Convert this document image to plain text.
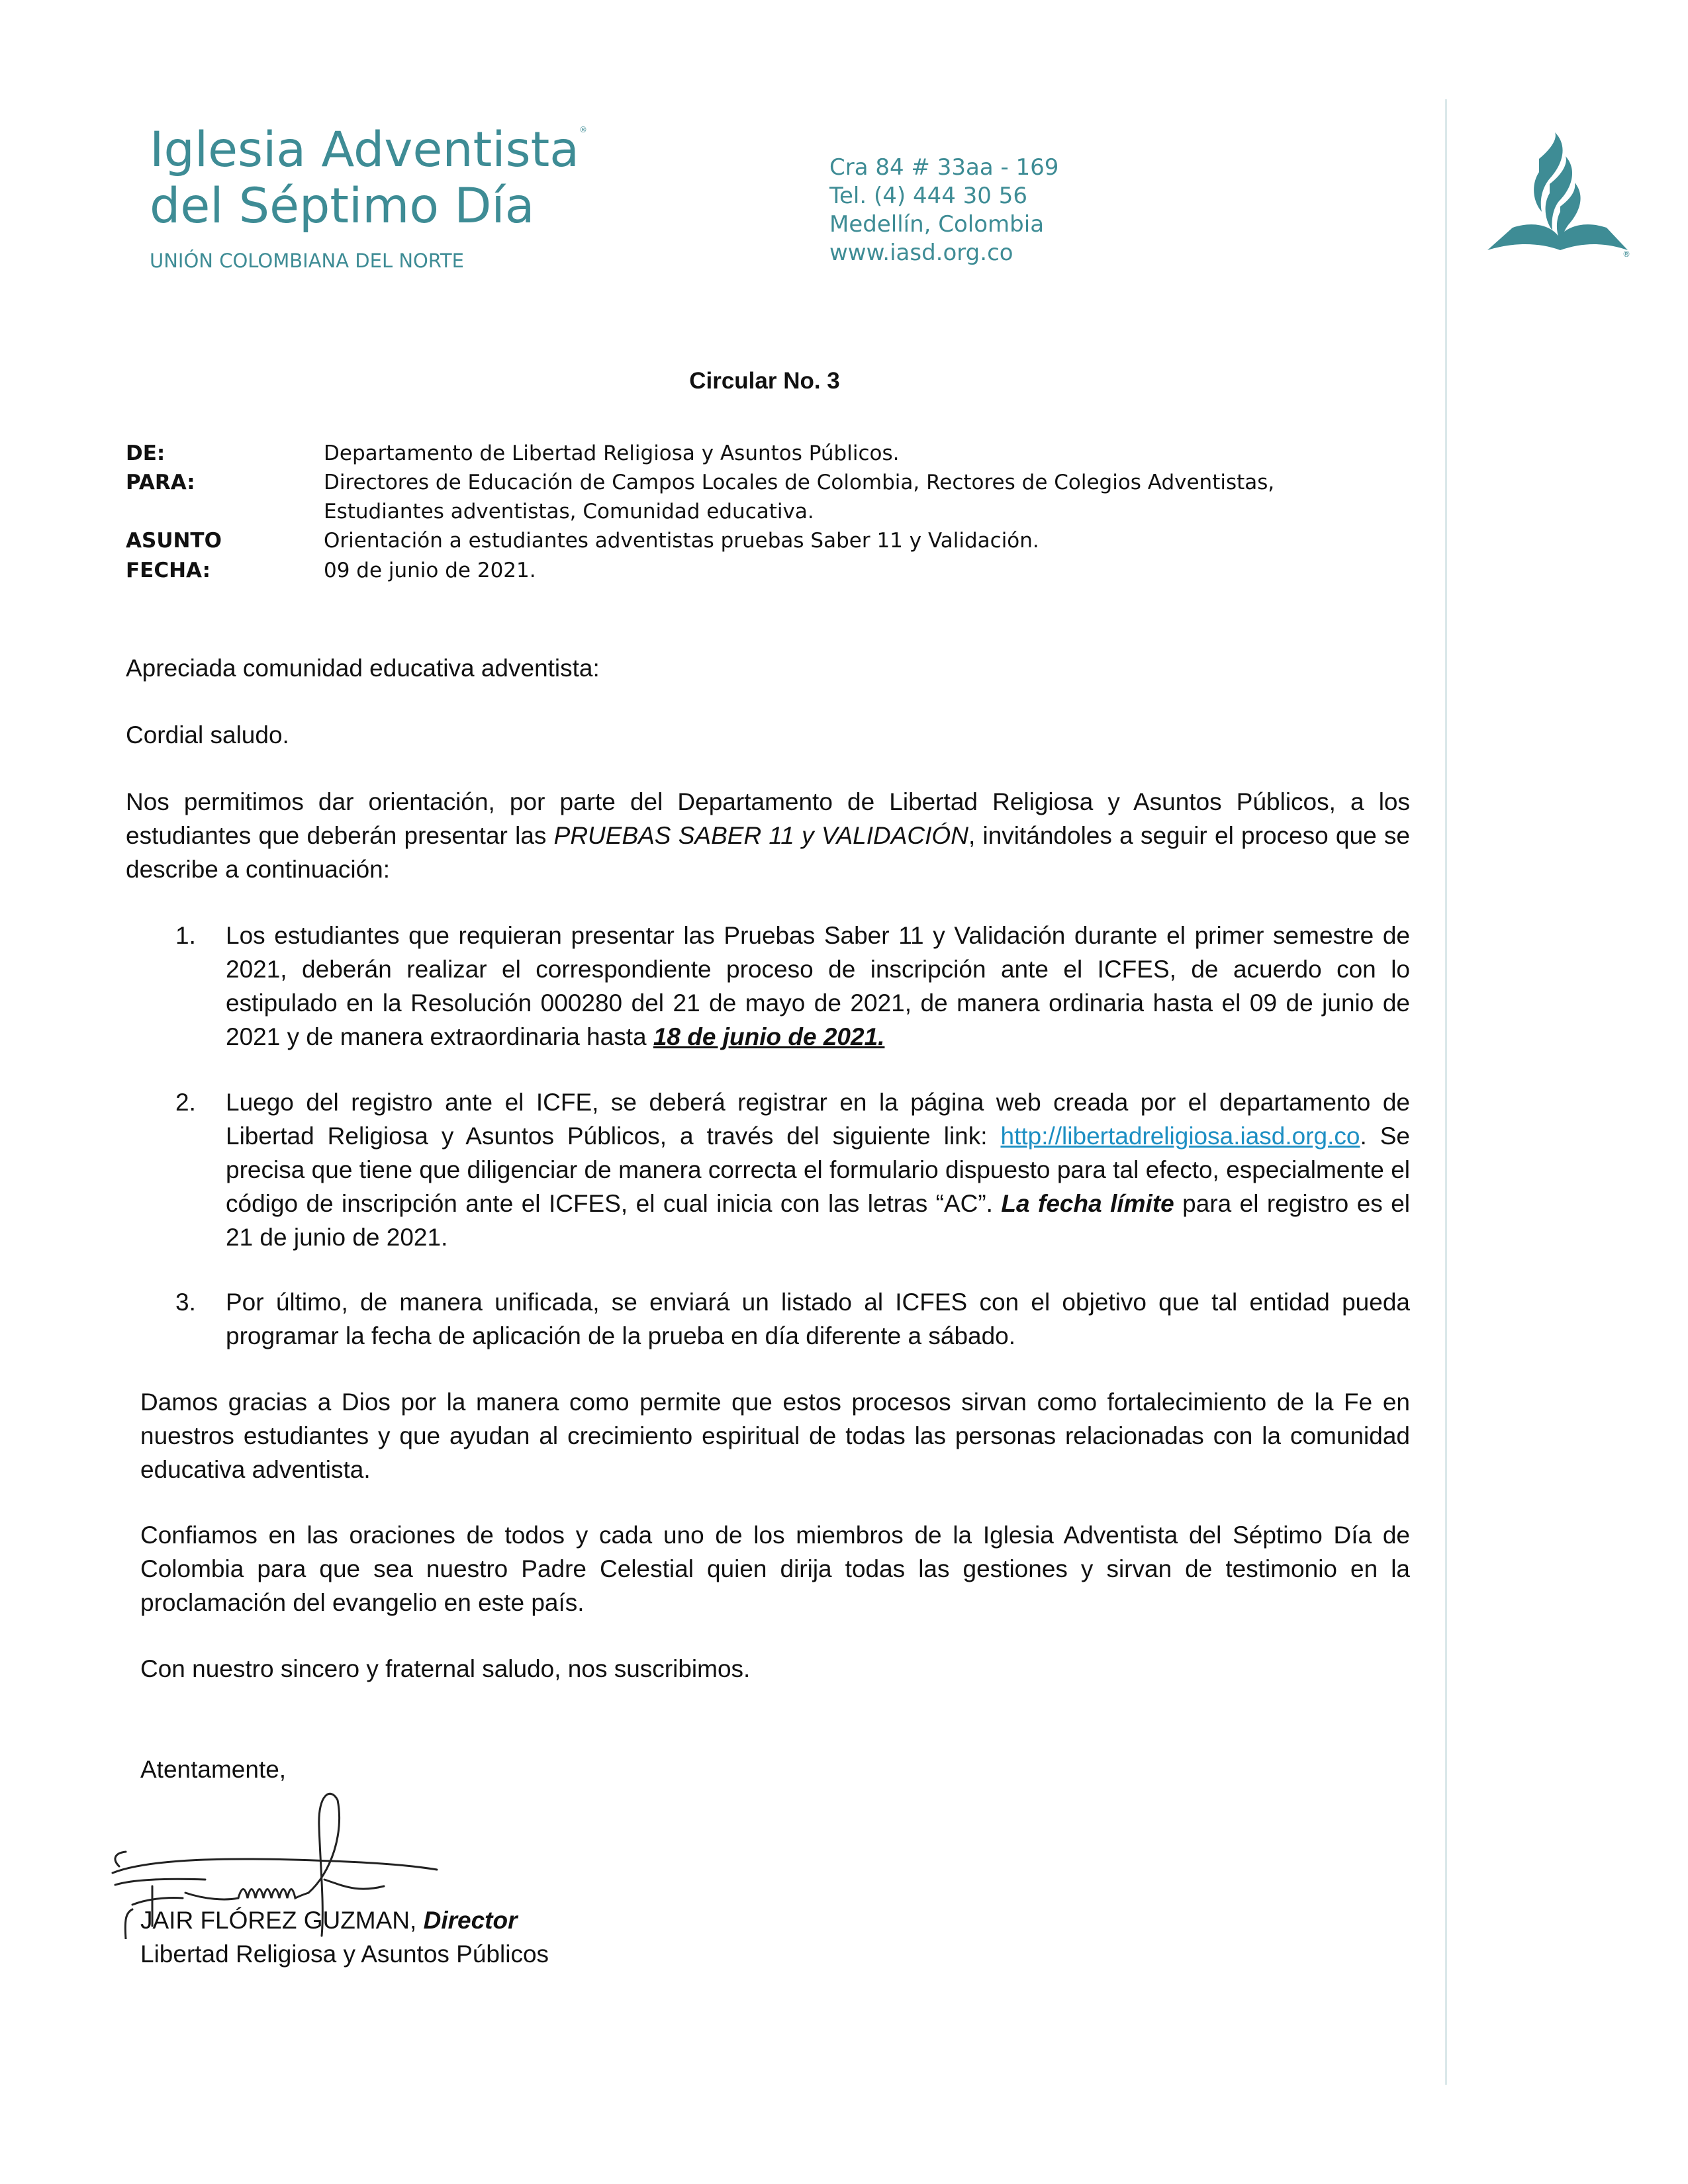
Iglesia Adventista®
del Séptimo Día
UNIÓN COLOMBIANA DEL NORTE
Cra 84 # 33aa - 169
Tel. (4) 444 30 56
Medellín, Colombia
www.iasd.org.co	®
Circular No. 3
DE:	Departamento de Libertad Religiosa y Asuntos Públicos.
PARA:	Directores de Educación de Campos Locales de Colombia, Rectores de Colegios Adventistas,
Estudiantes adventistas, Comunidad educativa.
ASUNTO	Orientación a estudiantes adventistas pruebas Saber 11 y Validación.
FECHA:	09 de junio de 2021.
Apreciada comunidad educativa adventista:
Cordial saludo.
Nos permitimos dar orientación, por parte del Departamento de Libertad Religiosa y Asuntos Públicos, a los estudiantes que deberán presentar las PRUEBAS SABER 11 y VALIDACIÓN, invitándoles a seguir el proceso que se describe a continuación:
1. Los estudiantes que requieran presentar las Pruebas Saber 11 y Validación durante el primer semestre de 2021, deberán realizar el correspondiente proceso de inscripción ante el ICFES, de acuerdo con lo estipulado en la Resolución 000280 del 21 de mayo de 2021, de manera ordinaria hasta el 09 de junio de 2021 y de manera extraordinaria hasta 18 de junio de 2021.
2. Luego del registro ante el ICFE, se deberá registrar en la página web creada por el departamento de Libertad Religiosa y Asuntos Públicos, a través del siguiente link: http://libertadreligiosa.iasd.org.co. Se precisa que tiene que diligenciar de manera correcta el formulario dispuesto para tal efecto, especialmente el código de inscripción ante el ICFES, el cual inicia con las letras “AC”. La fecha límite para el registro es el 21 de junio de 2021.
3. Por último, de manera unificada, se enviará un listado al ICFES con el objetivo que tal entidad pueda programar la fecha de aplicación de la prueba en día diferente a sábado.
Damos gracias a Dios por la manera como permite que estos procesos sirvan como fortalecimiento de la Fe en nuestros estudiantes y que ayudan al crecimiento espiritual de todas las personas relacionadas con la comunidad educativa adventista.
Confiamos en las oraciones de todos y cada uno de los miembros de la Iglesia Adventista del Séptimo Día de Colombia para que sea nuestro Padre Celestial quien dirija todas las gestiones y sirvan de testimonio en la proclamación del evangelio en este país.
Con nuestro sincero y fraternal saludo, nos suscribimos.
Atentamente,
JAIR FLÓREZ GUZMAN, Director
Libertad Religiosa y Asuntos Públicos
